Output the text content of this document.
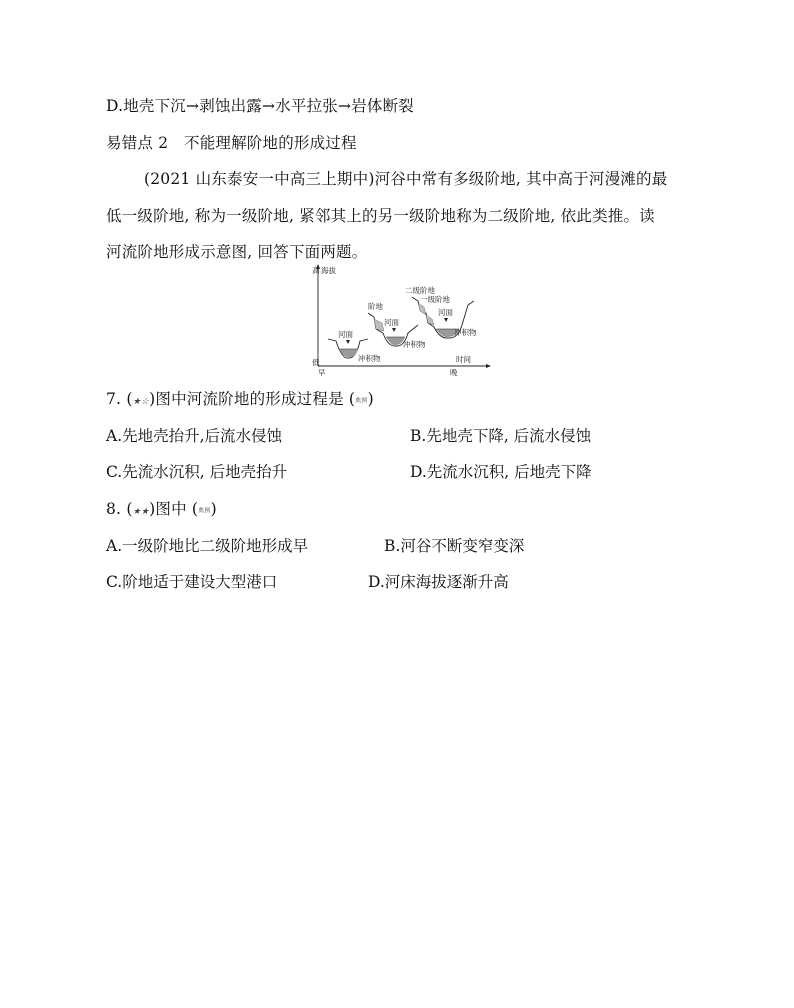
D.地壳下沉→剥蚀出露→水平拉张→岩体断裂
易错点 2　不能理解阶地的形成过程
(2021 山东泰安一中高三上期中)河谷中常有多级阶地, 其中高于河漫滩的最
低一级阶地, 称为一级阶地, 紧邻其上的另一级阶地称为二级阶地, 依此类推。读
河流阶地形成示意图, 回答下面两题。
高 海拔
低
早
时间
晚
河面
冲积物
阶地
河面
冲积物
二级阶地
一级阶地
河面
冲积物
7. (★☆)图中河流阶地的形成过程是 (典例)
A.先地壳抬升,后流水侵蚀	B.先地壳下降, 后流水侵蚀
C.先流水沉积, 后地壳抬升	D.先流水沉积, 后地壳下降
8. (★★)图中 (典例)
A.一级阶地比二级阶地形成早	B.河谷不断变窄变深
C.阶地适于建设大型港口	D.河床海拔逐渐升高
